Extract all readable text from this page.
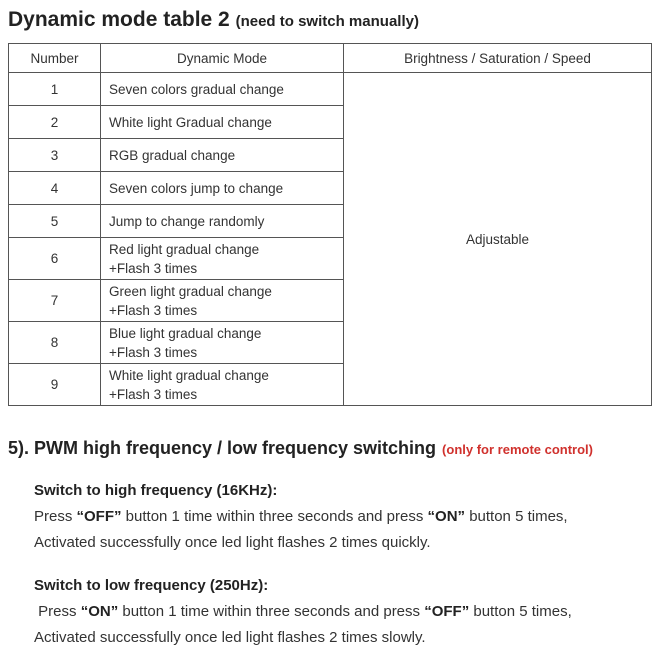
Dynamic mode table 2 (need to switch manually)
Number	Dynamic Mode	Brightness / Saturation / Speed
1	Seven colors gradual change	Adjustable
2	White light Gradual change	
3	RGB gradual change	
4	Seven colors jump to change	
5	Jump to change randomly	
6	Red light gradual change
+Flash 3 times	
7	Green light gradual change
+Flash 3 times	
8	Blue light gradual change
+Flash 3 times	
9	White light gradual change
+Flash 3 times	
5). PWM high frequency / low frequency switching (only for remote control)
Switch to high frequency (16KHz):
Press “OFF” button 1 time within three seconds and press “ON” button 5 times,
Activated successfully once led light flashes 2 times quickly.
Switch to low frequency (250Hz):
Press “ON” button 1 time within three seconds and press “OFF” button 5 times,
Activated successfully once led light flashes 2 times slowly.
